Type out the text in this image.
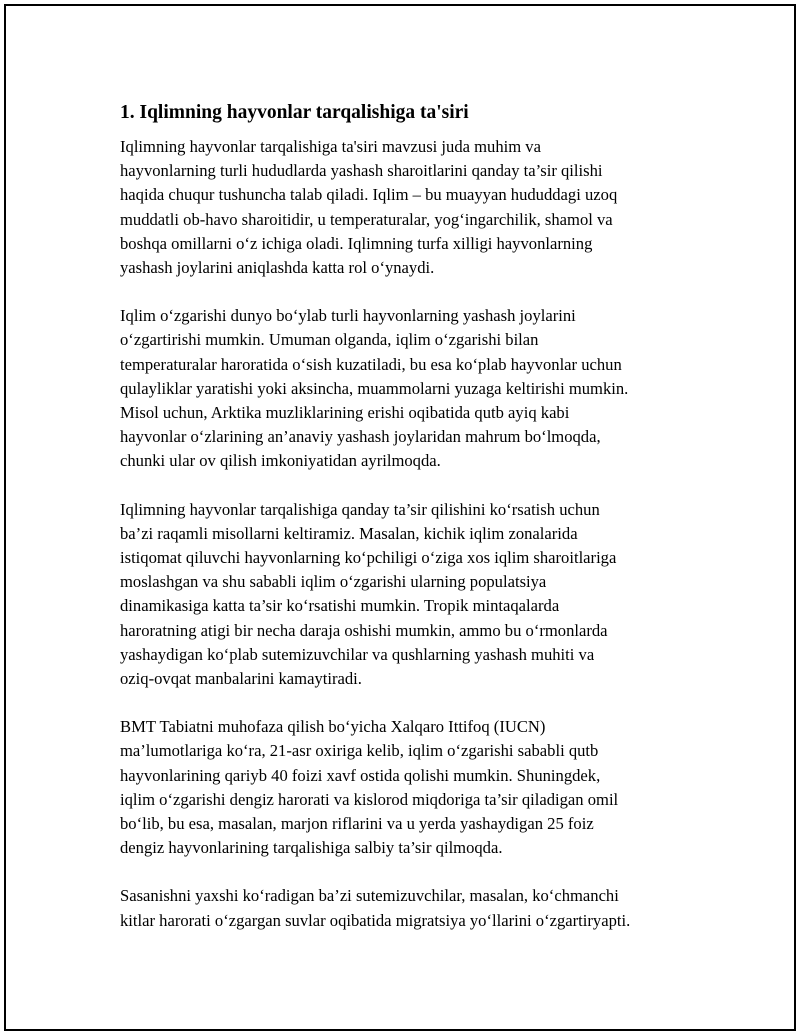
1. Iqlimning hayvonlar tarqalishiga ta'siri
Iqlimning hayvonlar tarqalishiga ta'siri mavzusi juda muhim va
hayvonlarning turli hududlarda yashash sharoitlarini qanday ta’sir qilishi
haqida chuqur tushuncha talab qiladi. Iqlim – bu muayyan hududdagi uzoq
muddatli ob-havo sharoitidir, u temperaturalar, yog‘ingarchilik, shamol va
boshqa omillarni o‘z ichiga oladi. Iqlimning turfa xilligi hayvonlarning
yashash joylarini aniqlashda katta rol o‘ynaydi.
Iqlim o‘zgarishi dunyo bo‘ylab turli hayvonlarning yashash joylarini
o‘zgartirishi mumkin. Umuman olganda, iqlim o‘zgarishi bilan
temperaturalar haroratida o‘sish kuzatiladi, bu esa ko‘plab hayvonlar uchun
qulayliklar yaratishi yoki aksincha, muammolarni yuzaga keltirishi mumkin.
Misol uchun, Arktika muzliklarining erishi oqibatida qutb ayiq kabi
hayvonlar o‘zlarining an’anaviy yashash joylaridan mahrum bo‘lmoqda,
chunki ular ov qilish imkoniyatidan ayrilmoqda.
Iqlimning hayvonlar tarqalishiga qanday ta’sir qilishini ko‘rsatish uchun
ba’zi raqamli misollarni keltiramiz. Masalan, kichik iqlim zonalarida
istiqomat qiluvchi hayvonlarning ko‘pchiligi o‘ziga xos iqlim sharoitlariga
moslashgan va shu sababli iqlim o‘zgarishi ularning populatsiya
dinamikasiga katta ta’sir ko‘rsatishi mumkin. Tropik mintaqalarda
haroratning atigi bir necha daraja oshishi mumkin, ammo bu o‘rmonlarda
yashaydigan ko‘plab sutemizuvchilar va qushlarning yashash muhiti va
oziq-ovqat manbalarini kamaytiradi.
BMT Tabiatni muhofaza qilish bo‘yicha Xalqaro Ittifoq (IUCN)
ma’lumotlariga ko‘ra, 21-asr oxiriga kelib, iqlim o‘zgarishi sababli qutb
hayvonlarining qariyb 40 foizi xavf ostida qolishi mumkin. Shuningdek,
iqlim o‘zgarishi dengiz harorati va kislorod miqdoriga ta’sir qiladigan omil
bo‘lib, bu esa, masalan, marjon riflarini va u yerda yashaydigan 25 foiz
dengiz hayvonlarining tarqalishiga salbiy ta’sir qilmoqda.
Sasanishni yaxshi ko‘radigan ba’zi sutemizuvchilar, masalan, ko‘chmanchi
kitlar harorati o‘zgargan suvlar oqibatida migratsiya yo‘llarini o‘zgartiryapti.
